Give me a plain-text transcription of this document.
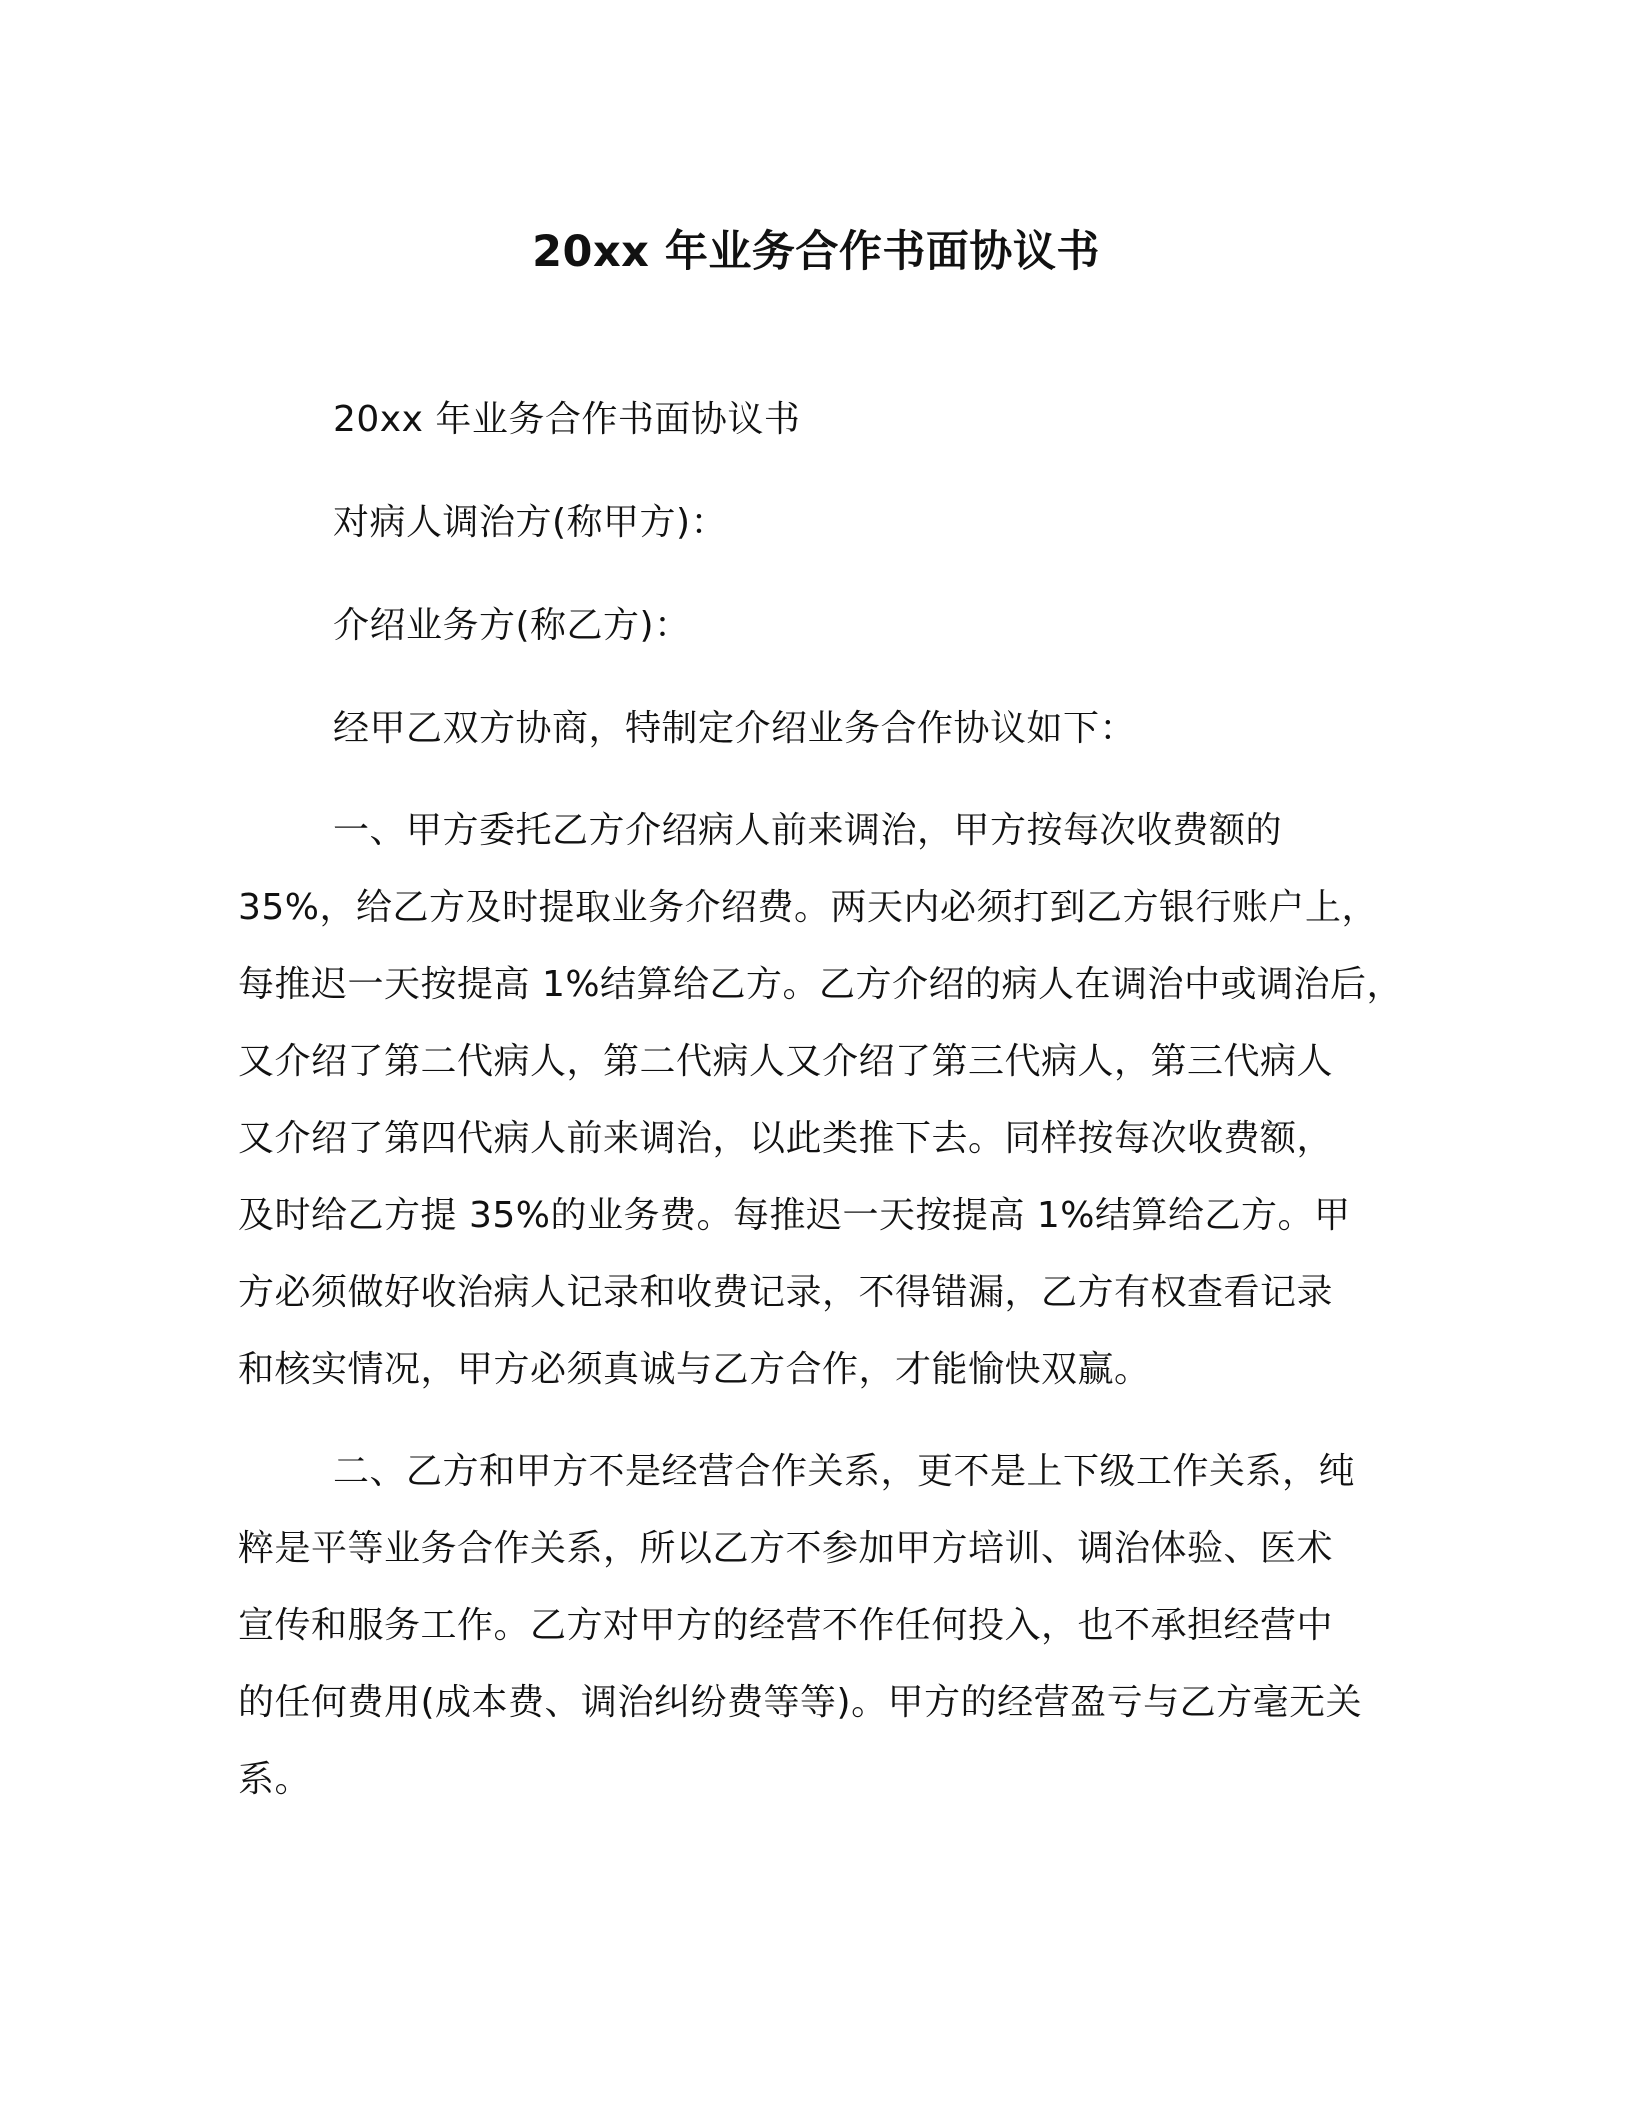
20xx 年业务合作书面协议书
20xx 年业务合作书面协议书
对病人调治方(称甲方)：
介绍业务方(称乙方)：
经甲乙双方协商，特制定介绍业务合作协议如下：
一、甲方委托乙方介绍病人前来调治，甲方按每次收费额的
35%，给乙方及时提取业务介绍费。两天内必须打到乙方银行账户上，
每推迟一天按提高 1%结算给乙方。乙方介绍的病人在调治中或调治后，
又介绍了第二代病人，第二代病人又介绍了第三代病人，第三代病人
又介绍了第四代病人前来调治，以此类推下去。同样按每次收费额，
及时给乙方提 35%的业务费。每推迟一天按提高 1%结算给乙方。甲
方必须做好收治病人记录和收费记录，不得错漏，乙方有权查看记录
和核实情况，甲方必须真诚与乙方合作，才能愉快双赢。
二、乙方和甲方不是经营合作关系，更不是上下级工作关系，纯
粹是平等业务合作关系，所以乙方不参加甲方培训、调治体验、医术
宣传和服务工作。乙方对甲方的经营不作任何投入，也不承担经营中
的任何费用(成本费、调治纠纷费等等)。甲方的经营盈亏与乙方毫无关
系。
